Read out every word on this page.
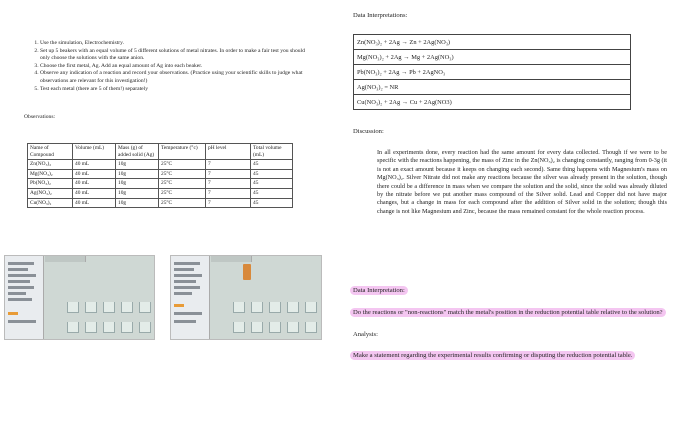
1. Use the simulation, Electrochemistry.
2. Set up 5 beakers with an equal volume of 5 different solutions of metal nitrates. In order to make a fair test you should only choose the solutions with the same anion.
3. Choose the first metal, Ag. Add an equal amount of Ag into each beaker.
4. Observe any indication of a reaction and record your observations. (Practice using your scientific skills to judge what observations are relevant for this investigation!)
5. Test each metal (there are 5 of them!) separately
Observations:
Name of Compound	Volume (mL)	Mass (g) of added solid (Ag)	Temperature (°c)	pH level	Total volume (mL)
Zn(NO₃)₂	40 mL	10g	25°C	7	45
Mg(NO₃)₂	40 mL	10g	25°C	7	45
Pb(NO₃)₂	40 mL	10g	25°C	7	45
Ag(NO₃)₂	40 mL	10g	25°C	7	45
Cu(NO₃)₂	40 mL	10g	25°C	7	45
Data Interpretations:
Zn(NO₃)₂ + 2Ag → Zn + 2Ag(NO₃)
Mg(NO₃)₂ + 2Ag → Mg + 2Ag(NO₃)
Pb(NO₃)₂ + 2Ag → Pb + 2AgNO₃
Ag(NO₃)₂ = NR
Cu(NO₃)₂ + 2Ag → Cu + 2Ag(NO3)
Discussion:
In all experiments done, every reaction had the same amount for every data collected. Though if we were to be specific with the reactions happening, the mass of Zinc in the Zn(NO₃)₂ is changing constantly, ranging from 0-3g (it is not an exact amount because it keeps on changing each second). Same thing happens with Magnesium's mass on Mg(NO₃)₂. Silver Nitrate did not make any reactions because the silver was already present in the solution, though there could be a difference in mass when we compare the solution and the solid, since the solid was already diluted by the nitrate before we put another mass compound of the Silver solid. Lead and Copper did not have major changes, but a change in mass for each compound after the addition of Silver solid in the solution; though this change is not like Magnesium and Zinc, because the mass remained constant for the whole reaction process.
Data Interpretation:
Do the reactions or "non-reactions" match the metal's position in the reduction potential table relative to the solution?
Analysis:
Make a statement regarding the experimental results confirming or disputing the reduction potential table.
